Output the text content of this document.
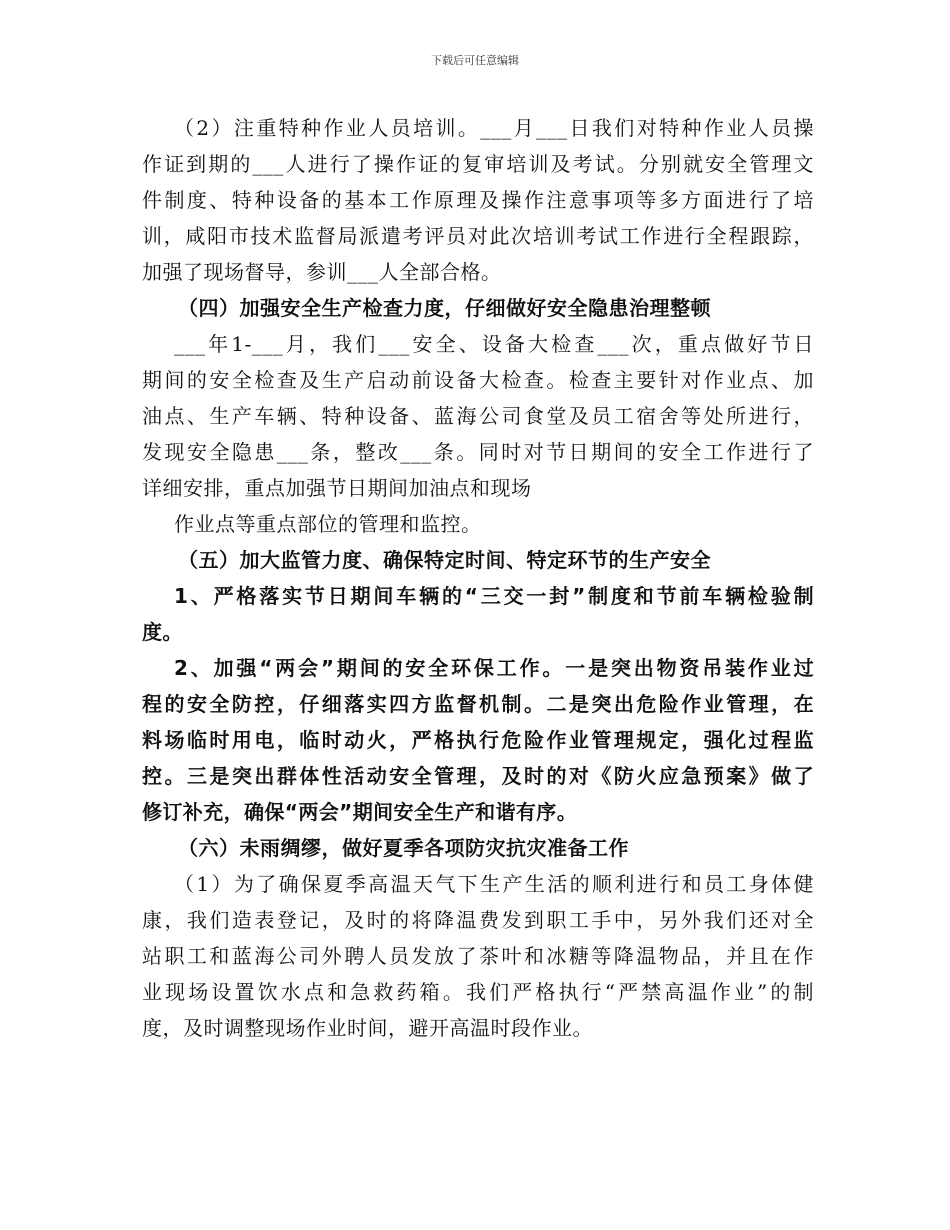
下载后可任意编辑
（2）注重特种作业人员培训。___月___日我们对特种作业人员操
作证到期的___人进行了操作证的复审培训及考试。分别就安全管理文
件制度、特种设备的基本工作原理及操作注意事项等多方面进行了培
训，咸阳市技术监督局派遣考评员对此次培训考试工作进行全程跟踪，
加强了现场督导，参训___人全部合格。
（四）加强安全生产检查力度，仔细做好安全隐患治理整顿
___年1-___月，我们___安全、设备大检查___次，重点做好节日
期间的安全检查及生产启动前设备大检查。检查主要针对作业点、加
油点、生产车辆、特种设备、蓝海公司食堂及员工宿舍等处所进行，
发现安全隐患___条，整改___条。同时对节日期间的安全工作进行了
详细安排，重点加强节日期间加油点和现场
作业点等重点部位的管理和监控。
（五）加大监管力度、确保特定时间、特定环节的生产安全
1、严格落实节日期间车辆的“三交一封”制度和节前车辆检验制
度。
2、加强“两会”期间的安全环保工作。一是突出物资吊装作业过
程的安全防控，仔细落实四方监督机制。二是突出危险作业管理，在
料场临时用电，临时动火，严格执行危险作业管理规定，强化过程监
控。三是突出群体性活动安全管理，及时的对《防火应急预案》做了
修订补充，确保“两会”期间安全生产和谐有序。
（六）未雨绸缪，做好夏季各项防灾抗灾准备工作
（1）为了确保夏季高温天气下生产生活的顺利进行和员工身体健
康，我们造表登记，及时的将降温费发到职工手中，另外我们还对全
站职工和蓝海公司外聘人员发放了茶叶和冰糖等降温物品，并且在作
业现场设置饮水点和急救药箱。我们严格执行“严禁高温作业”的制
度，及时调整现场作业时间，避开高温时段作业。
